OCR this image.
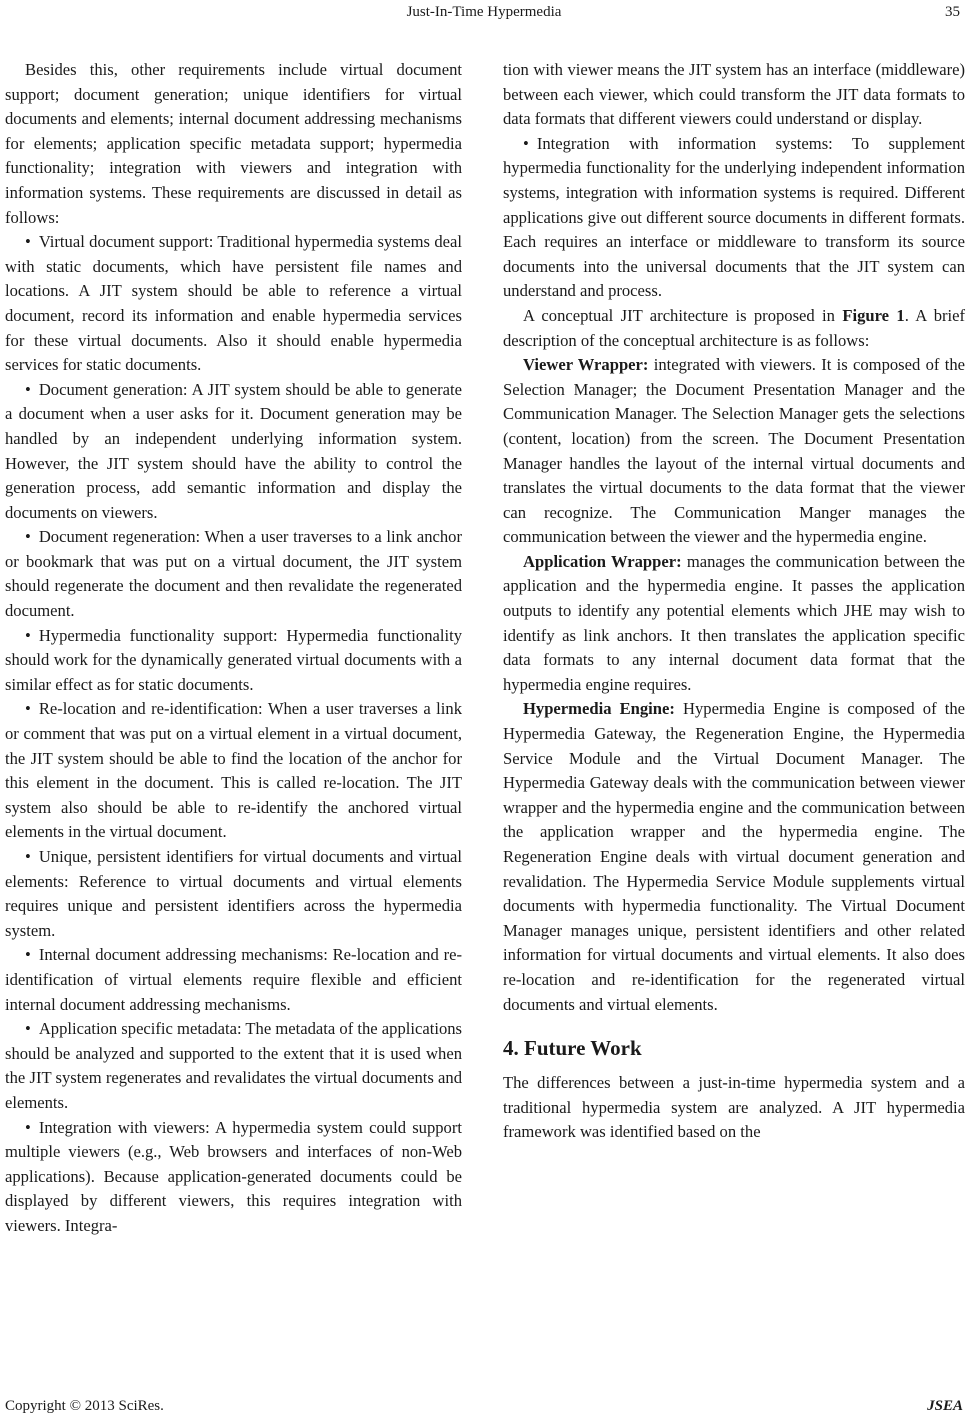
Just-In-Time Hypermedia	35

Besides this, other requirements include virtual document support; document generation; unique identifiers for virtual documents and elements; internal document addressing mechanisms for elements; application specific metadata support; hypermedia functionality; integration with viewers and integration with information systems. These requirements are discussed in detail as follows:

• Virtual document support: Traditional hypermedia systems deal with static documents, which have persistent file names and locations. A JIT system should be able to reference a virtual document, record its information and enable hypermedia services for these virtual documents. Also it should enable hypermedia services for static documents.

• Document generation: A JIT system should be able to generate a document when a user asks for it. Document generation may be handled by an independent underlying information system. However, the JIT system should have the ability to control the generation process, add semantic information and display the documents on viewers.

• Document regeneration: When a user traverses to a link anchor or bookmark that was put on a virtual document, the JIT system should regenerate the document and then revalidate the regenerated document.

• Hypermedia functionality support: Hypermedia functionality should work for the dynamically generated virtual documents with a similar effect as for static documents.

• Re-location and re-identification: When a user traverses a link or comment that was put on a virtual element in a virtual document, the JIT system should be able to find the location of the anchor for this element in the document. This is called re-location. The JIT system also should be able to re-identify the anchored virtual elements in the virtual document.

• Unique, persistent identifiers for virtual documents and virtual elements: Reference to virtual documents and virtual elements requires unique and persistent identifiers across the hypermedia system.

• Internal document addressing mechanisms: Re-location and re-identification of virtual elements require flexible and efficient internal document addressing mechanisms.

• Application specific metadata: The metadata of the applications should be analyzed and supported to the extent that it is used when the JIT system regenerates and revalidates the virtual documents and elements.

• Integration with viewers: A hypermedia system could support multiple viewers (e.g., Web browsers and interfaces of non-Web applications). Because application-generated documents could be displayed by different viewers, this requires integration with viewers. Integra-

tion with viewer means the JIT system has an interface (middleware) between each viewer, which could transform the JIT data formats to data formats that different viewers could understand or display.

• Integration with information systems: To supplement hypermedia functionality for the underlying independent information systems, integration with information systems is required. Different applications give out different source documents in different formats. Each requires an interface or middleware to transform its source documents into the universal documents that the JIT system can understand and process.

A conceptual JIT architecture is proposed in Figure 1. A brief description of the conceptual architecture is as follows:

Viewer Wrapper: integrated with viewers. It is composed of the Selection Manager; the Document Presentation Manager and the Communication Manager. The Selection Manager gets the selections (content, location) from the screen. The Document Presentation Manager handles the layout of the internal virtual documents and translates the virtual documents to the data format that the viewer can recognize. The Communication Manger manages the communication between the viewer and the hypermedia engine.

Application Wrapper: manages the communication between the application and the hypermedia engine. It passes the application outputs to identify any potential elements which JHE may wish to identify as link anchors. It then translates the application specific data formats to any internal document data format that the hypermedia engine requires.

Hypermedia Engine: Hypermedia Engine is composed of the Hypermedia Gateway, the Regeneration Engine, the Hypermedia Service Module and the Virtual Document Manager. The Hypermedia Gateway deals with the communication between viewer wrapper and the hypermedia engine and the communication between the application wrapper and the hypermedia engine. The Regeneration Engine deals with virtual document generation and revalidation. The Hypermedia Service Module supplements virtual documents with hypermedia functionality. The Virtual Document Manager manages unique, persistent identifiers and other related information for virtual documents and virtual elements. It also does re-location and re-identification for the regenerated virtual documents and virtual elements.

4. Future Work

The differences between a just-in-time hypermedia system and a traditional hypermedia system are analyzed. A JIT hypermedia framework was identified based on the

Copyright © 2013 SciRes.	JSEA
